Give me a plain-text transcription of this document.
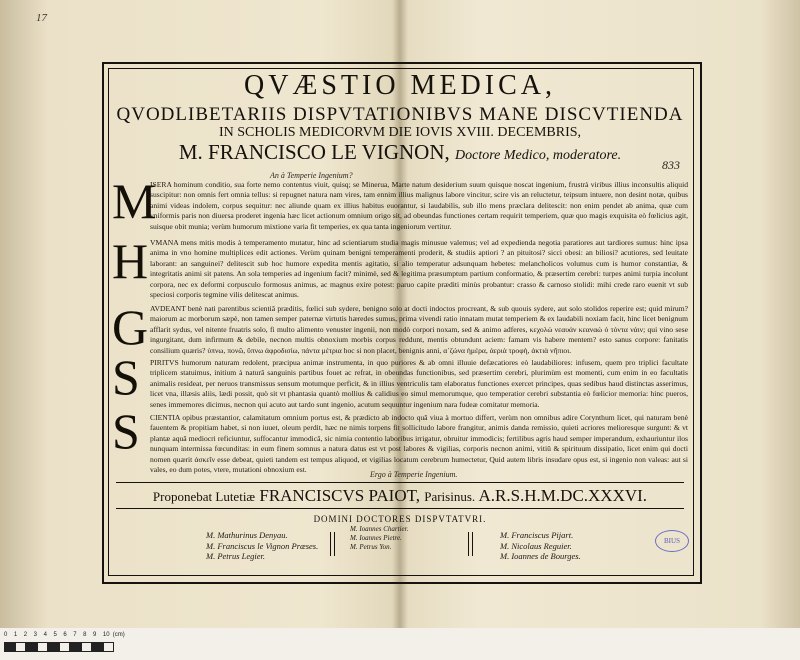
17
QVÆSTIO MEDICA,
QVODLIBETARIIS DISPVTATIONIBVS MANE DISCVTIENDA
IN SCHOLIS MEDICORVM DIE IOVIS XVIII. DECEMBRIS,
M. FRANCISCO LE VIGNON, Doctore Medico, moderatore.
833
An à Temperie Ingenium?
M
ISERA hominum conditio, sua forte nemo contentus viuit, quisq; se Minerua, Marte natum desiderium suum quisque noscat ingenium, frustrà viribus illius inconsultis aliquid suscipitur: non omnis fert omnia tellus: si repugnet natura nam vires, tam ennim illius malignus labore vincitur, scire vis an reluctetur, teipsum intuere, non desint notæ, quibus animi videas indolem, corpus sequitur: nec aliunde quam ex illius habitus euorantur, si laudabilis, sub illo mens præclara delitescit: non enim pendet ab anima, quæ cum vniformis paris non diuersa proderet ingenia hæc licet actionum omnium origo sit, ad obeundas functiones certam requirit temperiem, quæ quo magis exquisita eò fœlicius agit, suisque obit munia; verùm humorum mixtione varia fit temperies, ex qua tanta ingeniorum vertitur.
H VMANA mens mitis modis à temperamento mutatur, hinc ad scientiarum studia magis minusue valemus; vel ad expedienda negotia paratiores aut tardiores sumus: hinc ipsa anima in vno homine multiplices edit actiones. Verùm quinam benigni temperamenti proderit, & studiis aptiori ? an pituitosi? sicci obesi: an biliosi? acutiores, sed leuitate laborant: an sanguinei? delitescit sub hoc humore expedita mentis agitatio, si alio temperatur adsunquam hebetes: melancholicos volumus cum is humor constantiæ, & integritatis animi sit patens. An sola temperies ad ingenium facit? minimè, sed & legitima præsumptum partium conformatio, & præsertim cerebri: turpes animi turpia incolunt corpora, nec ex deformi corpusculo formosus animus, ac magnus exire potest: paruo capite præditi minùs probantur: crasso & carnoso stolidi: mihi crede raro euenit vt sub speciosi corporis tegmine vilis delitescat animus.
G AVDEANT benè nati parentibus scientiâ præditis, fœlici sub sydere, benigno solo at docti indoctos procreant, & sub quouis sydere, aut solo stolidos reperire est; quid mirum? maiorum ac morborum sæpè, non tamen semper paternæ virtutis hæredes sumus, prima vivendi ratio innatam mutat temperiem & ex laudabili noxiam facit, hinc licet benignum afflarit sydus, vel nitente fruatris solo, fi multo alimento venuster ingenii, non modò corpori noxam, sed & animo adferes, κεχολώ νεαυάν κεαναώ ὁ τόντα νάιν; qui vino sese ingurgitant, dum infirmum & debile, necnon multis obnoxium morbis corpus reddunt, mentis obtundunt aciem: famam vis habere mentem? esto sanus corpore: fanitatis consilium quæris? ὑπνω, πονῶ, ὕπνω ἀφροδισίω, πάντα μέτρια hoc si non placet, benignis anni, α᾽ζώνα ἡμέρα, ἀεριὰ τροφὴ, ἀκτιὰ νῆπιοι.
S PIRITVS humorum naturam redolent, præcipua animæ instrumenta, in quo puriores & ab omni illuuie defæcatiores eò laudabiliores: infusem, quem pro triplici facultate triplicem statuimus, initium à naturâ sanguinis partibus fouet ac refrat, in obeundas functionibus, sed præsertim cerebri, plurimùm est momenti, cum enim in eo facultatis animalis resideat, per neruos transmissus sensum motumque perficit, & in illius ventriculis tam elaboratus functiones exercet principes, quas sedibus haud distinctas asserimus, licet vna, illæsis aliis, lædi possit, quò sit vt phantasia quantò mollius & calidius eo simul memorumque, quo temperatior cerebri substantia eò fœlicior memoria: hinc pueros, senes immemores dicimus, necnon qui acuto aut tardo sunt ingenio, acutum sequuntur ingenium nara fudeæ comitatur memoria.
S CIENTIA opibus præstantior, calamitatum omnium portus est, & prædicto ab indocto quã viua à mortuo differt, verùm non omnibus adire Corynthum licet, qui naturam benè fauentem & propitiam habet, si non iuuet, oleum perdit, hæc ne nimis torpens fit sollicitudo labore frangitur, animis danda remissio, quieti acriores melioresque surgunt: & vt plantæ aquâ mediocri reficiuntur, suffocantur immodicâ, sic nimia contentio laboribus irrigatur, obruitur immodicis; fertilibus agris haud semper imperandum, exhauriuntur ilos nunquam intermissa fœcunditas: in eum finem somnus a natura datus est vt post labores & vigilias, corporis necnon animi, vitiû & spirituum dissipatio, licet enim qui docti nomen quærit ἀσκεῖν esse debeat, quieti tandem est tempus aliquod, et vigilias locatum cerebrum humectetur, Quid autem libris insudare opus est, si ingenio non valeas: aut si vales, eo dum potes, vtere, mutationi obnoxium est.
Ergo à Temperie Ingenium.
Proponebat Lutetiæ FRANCISCVS PAIOT, Parisinus. A.R.S.H.M.DC.XXXVI.
DOMINI DOCTORES DISPVTATVRI.
M. Mathurinus Denyau.
M. Franciscus le Vignon Præses.
M. Petrus Legier.
M. Ioannes Chartier.
M. Ioannes Pietre.
M. Petrus Yon.
M. Franciscus Pijart.
M. Nicolaus Reguier.
M. Ioannes de Bourges.
BIUS
0 1 2 3 4 5 6 7 8 9 10 (cm)
